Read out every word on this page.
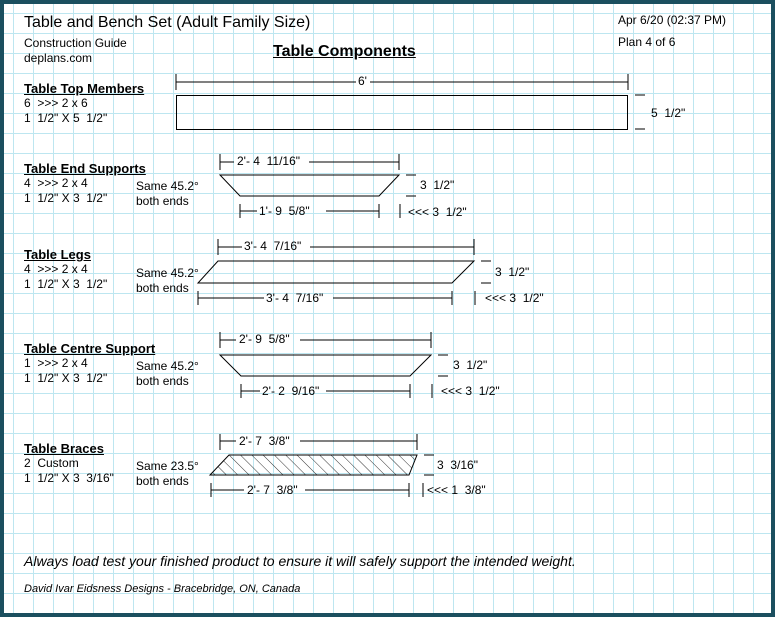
Table and Bench Set (Adult Family Size)
Construction Guide
deplans.com
Apr 6/20 (02:37 PM)
Plan 4 of 6
Table Components
Table Top Members
6  >>> 2 x 6
1  1/2" X 5  1/2"
6'
5  1/2"
Table End Supports
4  >>> 2 x 4
1  1/2" X 3  1/2"
Same 45.2°
both ends
2'- 4  11/16"
1'- 9  5/8"
3  1/2"
<<< 3  1/2"
Table Legs
4  >>> 2 x 4
1  1/2" X 3  1/2"
Same 45.2°
both ends
3'- 4  7/16"
3'- 4  7/16"
3  1/2"
<<< 3  1/2"
Table Centre Support
1  >>> 2 x 4
1  1/2" X 3  1/2"
Same 45.2°
both ends
2'- 9  5/8"
2'- 2  9/16"
3  1/2"
<<< 3  1/2"
Table Braces
2  Custom
1  1/2" X 3  3/16"
Same 23.5°
both ends
2'- 7  3/8"
2'- 7  3/8"
3  3/16"
<<< 1  3/8"
Always load test your finished product to ensure it will safely support the intended weight.
David Ivar Eidsness Designs - Bracebridge, ON, Canada
